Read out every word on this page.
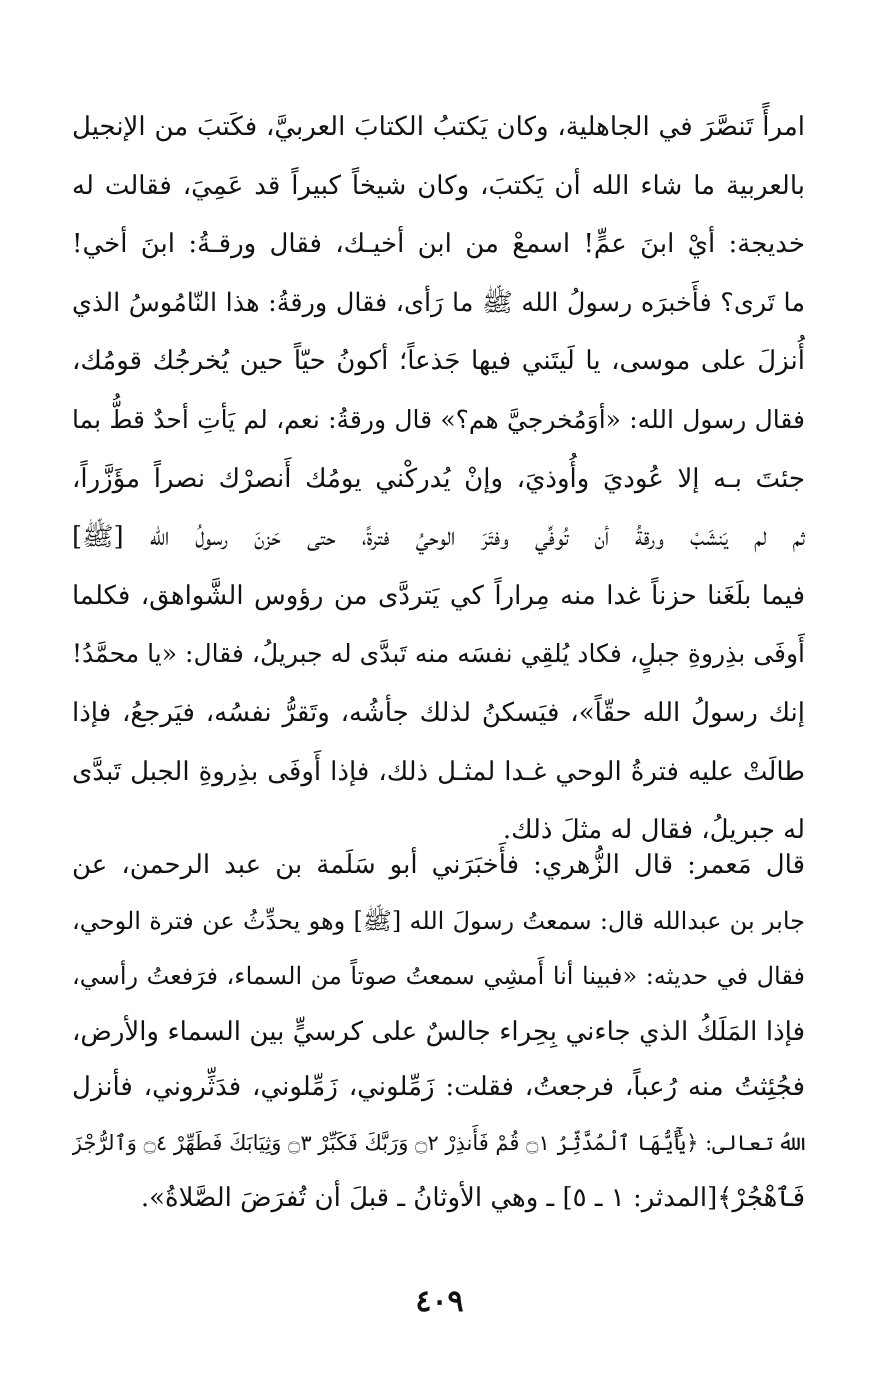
امرأً تَنصَّرَ في الجاهلية، وكان يَكتبُ الكتابَ العربيَّ، فكَتبَ من الإنجيل
بالعربية ما شاء الله أن يَكتبَ، وكان شيخاً كبيراً قد عَمِيَ، فقالت له
خديجة: أيْ ابنَ عمٍّ! اسمعْ من ابن أخيـك، فقال ورقـةُ: ابنَ أخي!
ما تَرى؟ فأَخبرَه رسولُ الله ﷺ ما رَأى، فقال ورقةُ: هذا النّامُوسُ الذي
أُنزلَ على موسى، يا لَيتَني فيها جَذعاً؛ أكونُ حيّاً حين يُخرجُك قومُك،
فقال رسول الله: «أوَمُخرجيَّ هم؟» قال ورقةُ: نعم، لم يَأتِ أحدٌ قطُّ بما
جئتَ بـه إلا عُوديَ وأُوذيَ، وإنْ يُدركْني يومُك أَنصرْك نصراً مؤَزَّراً،
ثم لم يَنشَبْ ورقةُ أن تُوفِّي وفتَرَ الوحيُ فترةً، حتى حَزنَ رسولُ الله [ﷺ]
فيما بلَغَنا حزناً غدا منه مِراراً كي يَتردَّى من رؤوس الشَّواهق، فكلما
أَوفَى بذِروةِ جبلٍ، فكاد يُلقِي نفسَه منه تَبدَّى له جبريلُ، فقال: «يا محمَّدُ!
إنك رسولُ الله حقّاً»، فيَسكنُ لذلك جأشُه، وتَقرُّ نفسُه، فيَرجعُ، فإذا
طالَتْ عليه فترةُ الوحي غـدا لمثـل ذلك، فإذا أَوفَى بذِروةِ الجبل تَبدَّى
له جبريلُ، فقال له مثلَ ذلك.
قال مَعمر: قال الزُّهري: فأَخبَرَني أبو سَلَمة بن عبد الرحمن، عن
جابر بن عبدالله قال: سمعتُ رسولَ الله [ﷺ] وهو يحدِّثُ عن فترة الوحي،
فقال في حديثه: «فبينا أنا أَمشِي سمعتُ صوتاً من السماء، فرَفعتُ رأسي،
فإذا المَلَكُ الذي جاءني بِحِراء جالسٌ على كرسيٍّ بين السماء والأرض،
فجُئِثتُ منه رُعباً، فرجعتُ، فقلت: زَمِّلوني، زَمِّلوني، فدَثِّروني، فأنزل
اللهُ تعالى: ﴿يَٰٓأَيُّهَا ٱلْمُدَّثِّرُ ۝١ قُمْ فَأَنذِرْ ۝٢ وَرَبَّكَ فَكَبِّرْ ۝٣ وَثِيَابَكَ فَطَهِّرْ ۝٤ وَٱلرُّجْزَ
فَٱهْجُرْ﴾[المدثر: ١ ـ ٥] ـ وهي الأوثانُ ـ قبلَ أن تُفرَضَ الصَّلاةُ».
٤٠٩
